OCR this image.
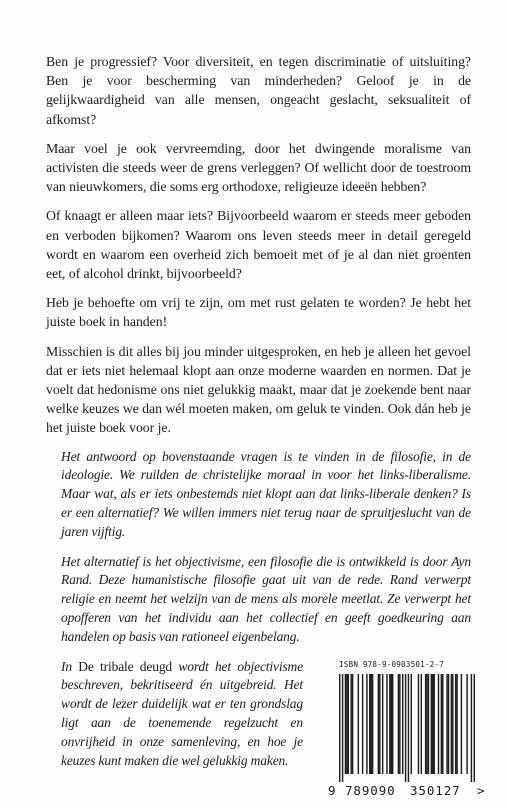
Ben je progressief? Voor diversiteit, en tegen discriminatie of uitsluiting? Ben je voor bescherming van minderheden? Geloof je in de gelijkwaardigheid van alle mensen, ongeacht geslacht, seksualiteit of afkomst?

Maar voel je ook vervreemding, door het dwingende moralisme van activisten die steeds weer de grens verleggen? Of wellicht door de toestroom van nieuwkomers, die soms erg orthodoxe, religieuze ideeën hebben?

Of knaagt er alleen maar iets? Bijvoorbeeld waarom er steeds meer geboden en verboden bijkomen? Waarom ons leven steeds meer in detail geregeld wordt en waarom een overheid zich bemoeit met of je al dan niet groenten eet, of alcohol drinkt, bijvoorbeeld?

Heb je behoefte om vrij te zijn, om met rust gelaten te worden? Je hebt het juiste boek in handen!

Misschien is dit alles bij jou minder uitgesproken, en heb je alleen het gevoel dat er iets niet helemaal klopt aan onze moderne waarden en normen. Dat je voelt dat hedonisme ons niet gelukkig maakt, maar dat je zoekende bent naar welke keuzes we dan wél moeten maken, om geluk te vinden. Ook dán heb je het juiste boek voor je.

Het antwoord op bovenstaande vragen is te vinden in de filosofie, in de ideologie. We ruilden de christelijke moraal in voor het links-liberalisme. Maar wat, als er iets onbestemds niet klopt aan dat links-liberale denken? Is er een alternatief? We willen immers niet terug naar de spruitjeslucht van de jaren vijftig.

Het alternatief is het objectivisme, een filosofie die is ontwikkeld is door Ayn Rand. Deze humanistische filosofie gaat uit van de rede. Rand verwerpt religie en neemt het welzijn van de mens als morele meetlat. Ze verwerpt het opofferen van het individu aan het collectief en geeft goedkeuring aan handelen op basis van rationeel eigenbelang.

In De tribale deugd wordt het objectivisme beschreven, bekritiseerd én uitgebreid. Het wordt de lezer duidelijk wat er ten grondslag ligt aan de toenemende regelzucht en onvrijheid in onze samenleving, en hoe je keuzes kunt maken die wel gelukkig maken.

ISBN 978-9-0903501-2-7
9 789090 350127 >
